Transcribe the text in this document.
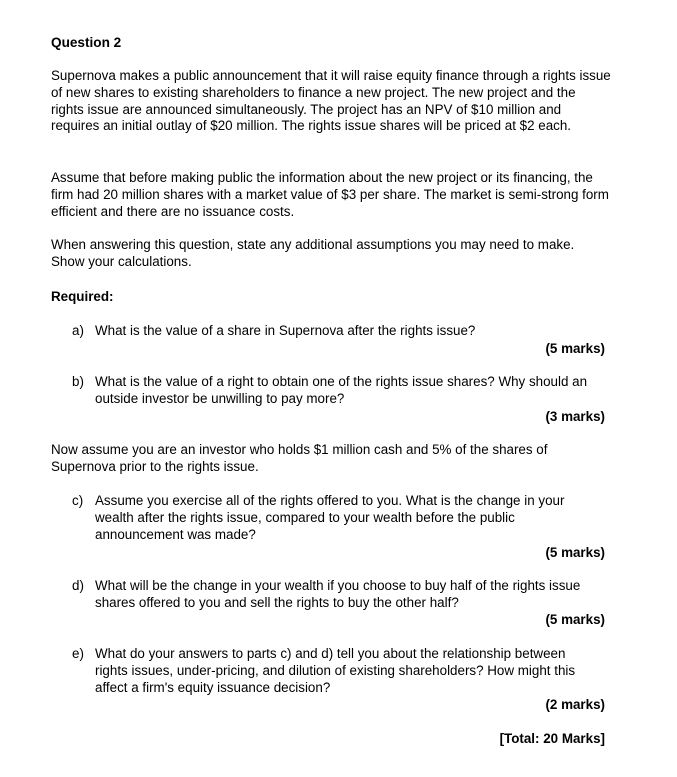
Question 2

Supernova makes a public announcement that it will raise equity finance through a rights issue of new shares to existing shareholders to finance a new project. The new project and the rights issue are announced simultaneously. The project has an NPV of $10 million and requires an initial outlay of $20 million. The rights issue shares will be priced at $2 each.

Assume that before making public the information about the new project or its financing, the firm had 20 million shares with a market value of $3 per share. The market is semi-strong form efficient and there are no issuance costs.

When answering this question, state any additional assumptions you may need to make. Show your calculations.

Required:
a) What is the value of a share in Supernova after the rights issue?
(5 marks)
b) What is the value of a right to obtain one of the rights issue shares? Why should an outside investor be unwilling to pay more?
(3 marks)

Now assume you are an investor who holds $1 million cash and 5% of the shares of Supernova prior to the rights issue.

c) Assume you exercise all of the rights offered to you. What is the change in your wealth after the rights issue, compared to your wealth before the public announcement was made?
(5 marks)
d) What will be the change in your wealth if you choose to buy half of the rights issue shares offered to you and sell the rights to buy the other half?
(5 marks)
e) What do your answers to parts c) and d) tell you about the relationship between rights issues, under-pricing, and dilution of existing shareholders? How might this affect a firm's equity issuance decision?
(2 marks)
[Total: 20 Marks]
